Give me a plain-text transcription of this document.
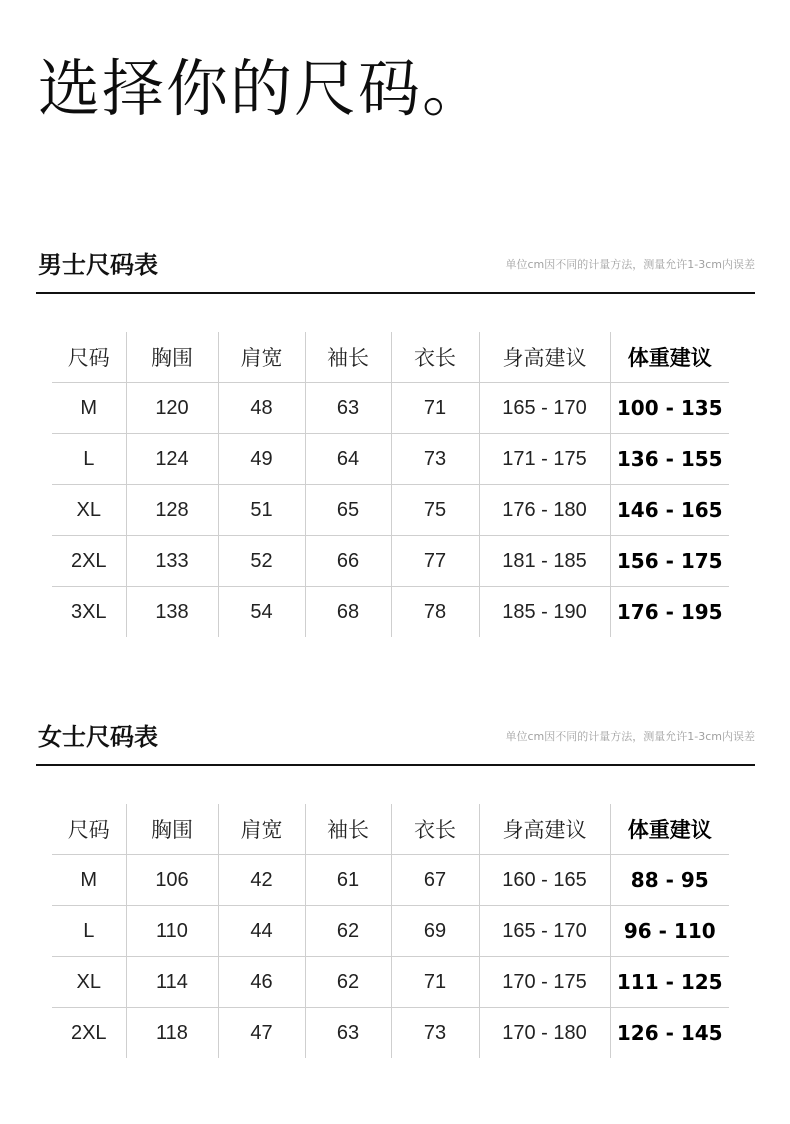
选择你的尺码。
男士尺码表	单位cm因不同的计量方法，测量允许1-3cm内误差
尺码	胸围	肩宽	袖长	衣长	身高建议	体重建议
M	120	48	63	71	165 - 170	100 - 135
L	124	49	64	73	171 - 175	136 - 155
XL	128	51	65	75	176 - 180	146 - 165
2XL	133	52	66	77	181 - 185	156 - 175
3XL	138	54	68	78	185 - 190	176 - 195
女士尺码表	单位cm因不同的计量方法，测量允许1-3cm内误差
尺码	胸围	肩宽	袖长	衣长	身高建议	体重建议
M	106	42	61	67	160 - 165	88 - 95
L	110	44	62	69	165 - 170	96 - 110
XL	114	46	62	71	170 - 175	111 - 125
2XL	118	47	63	73	170 - 180	126 - 145
